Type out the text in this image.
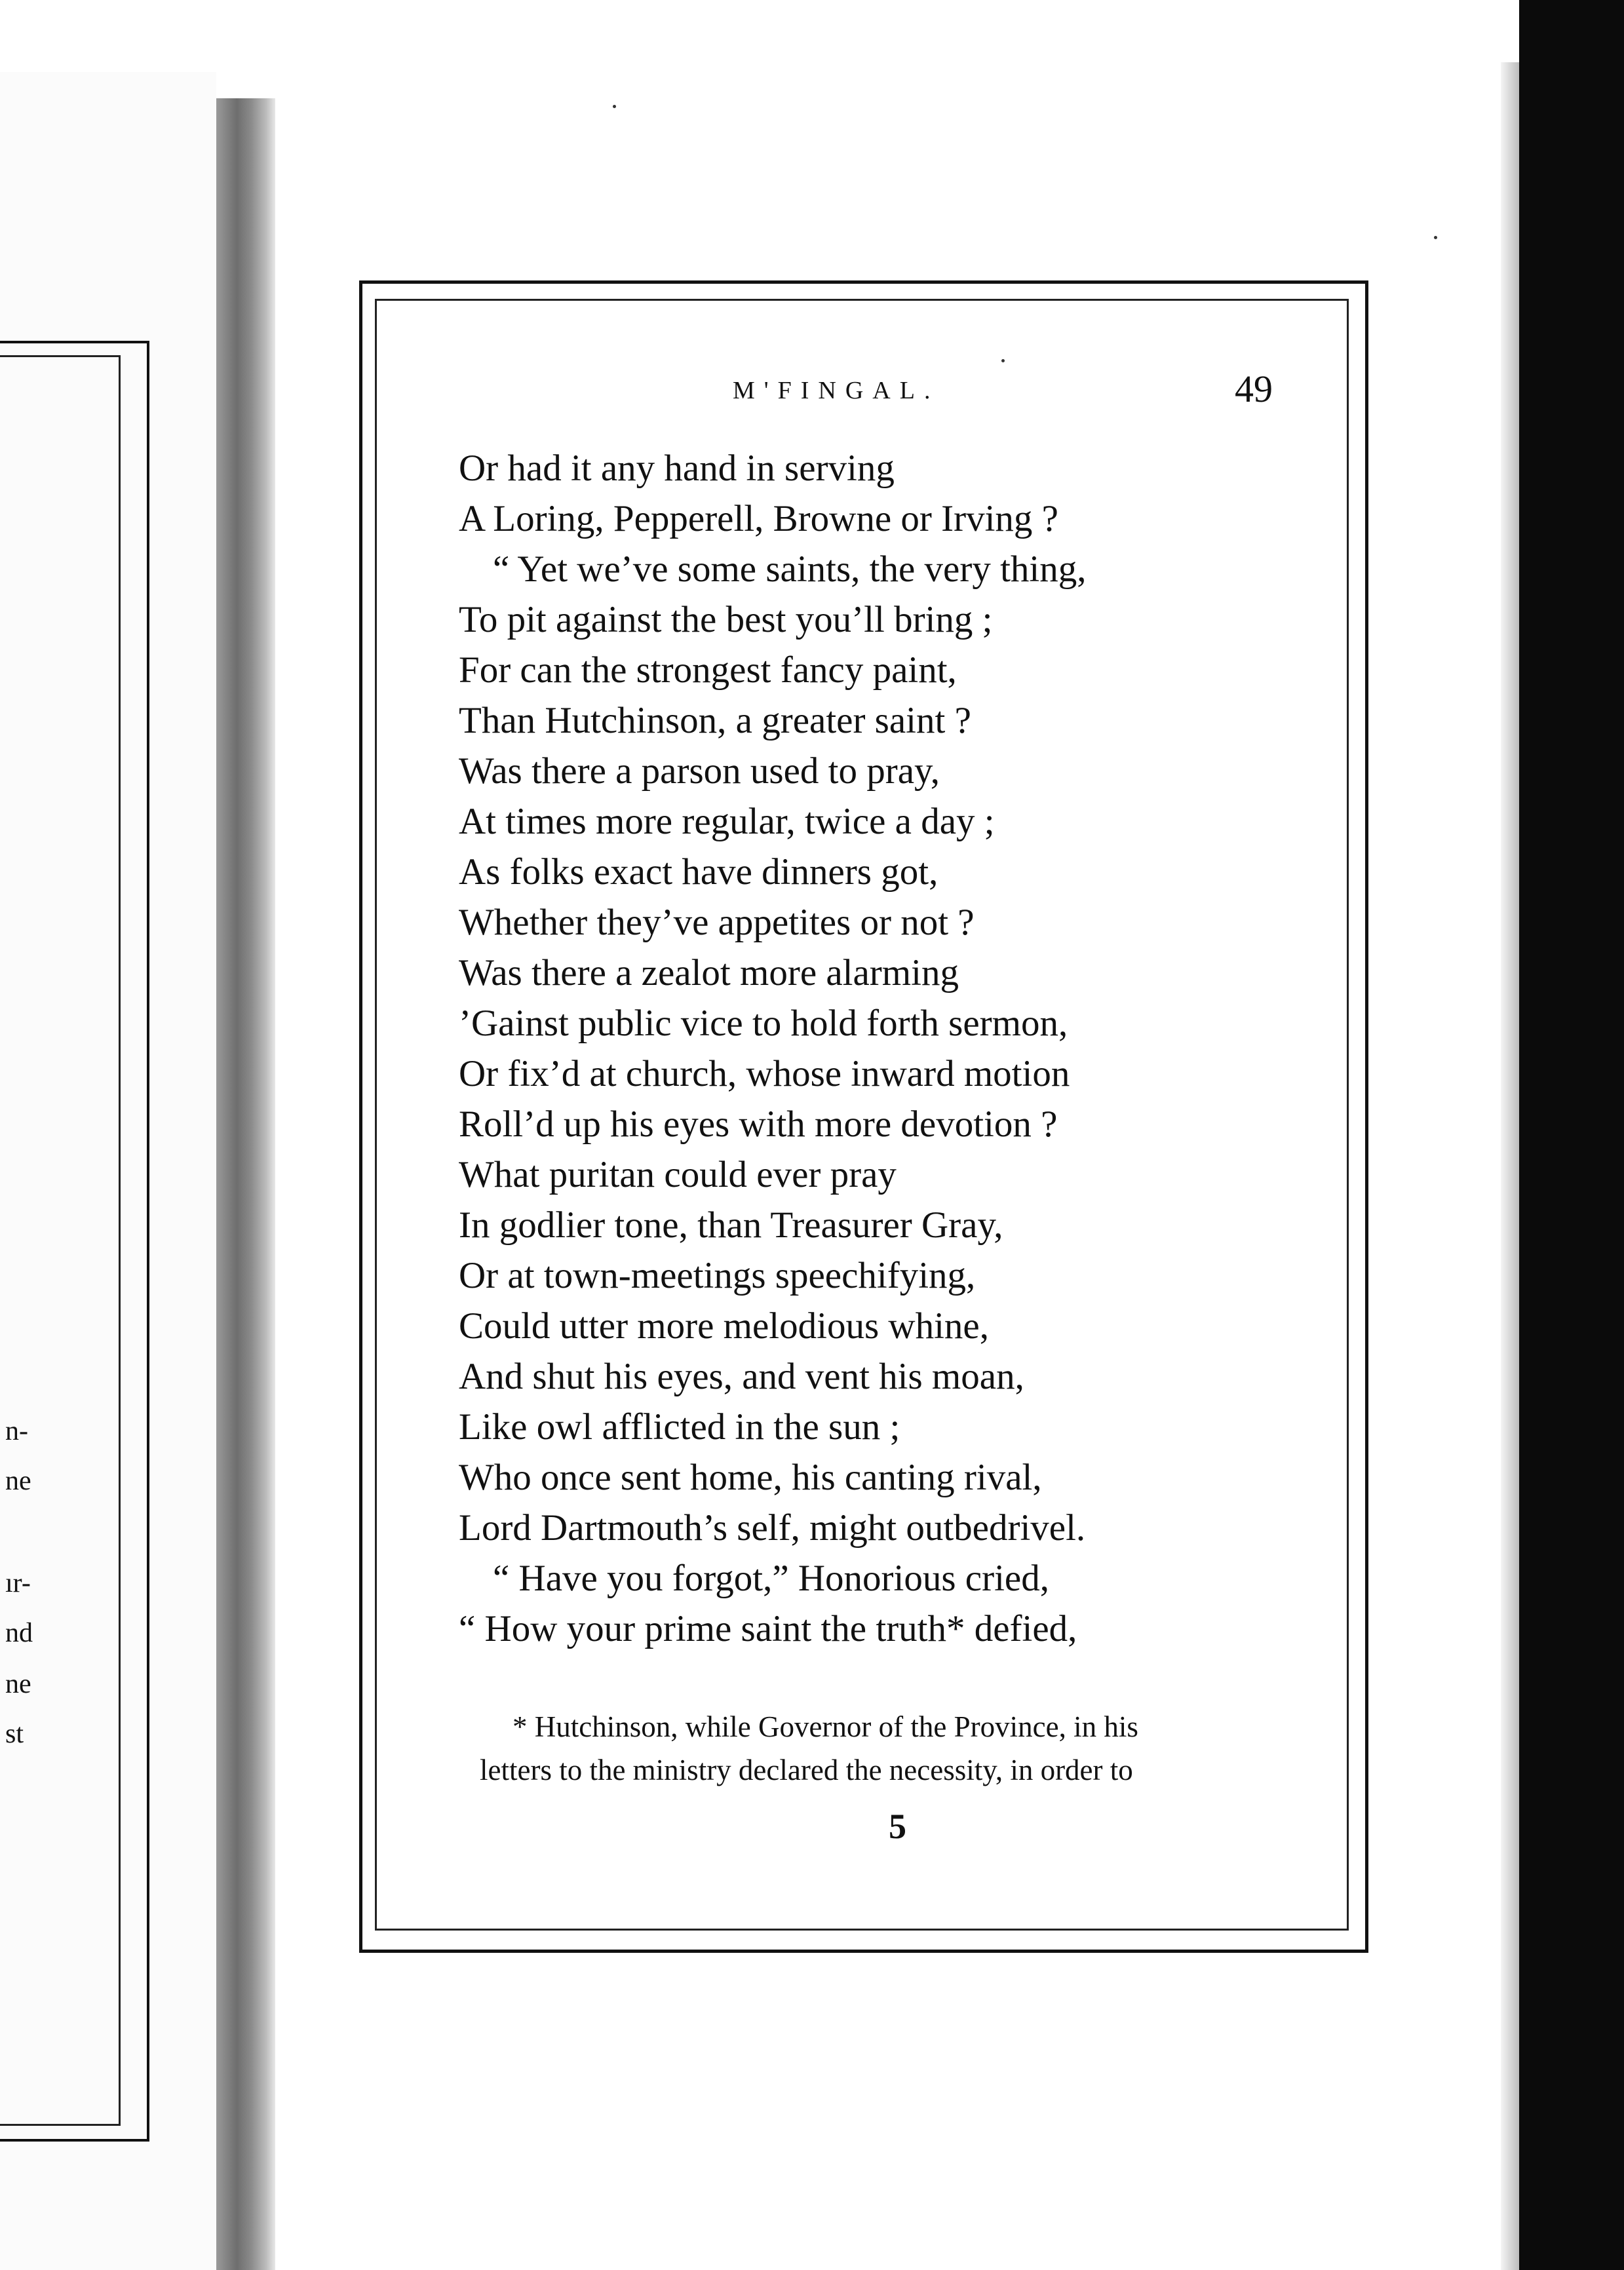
n-
ne
ır-
nd
ne
st
M'FINGAL.	49
Or had it any hand in serving
A Loring, Pepperell, Browne or Irving ?
“ Yet we’ve some saints, the very thing,
To pit against the best you’ll bring ;
For can the strongest fancy paint,
Than Hutchinson, a greater saint ?
Was there a parson used to pray,
At times more regular, twice a day ;
As folks exact have dinners got,
Whether they’ve appetites or not ?
Was there a zealot more alarming
’Gainst public vice to hold forth sermon,
Or fix’d at church, whose inward motion
Roll’d up his eyes with more devotion ?
What puritan could ever pray
In godlier tone, than Treasurer Gray,
Or at town-meetings speechifying,
Could utter more melodious whine,
And shut his eyes, and vent his moan,
Like owl afflicted in the sun ;
Who once sent home, his canting rival,
Lord Dartmouth’s self, might outbedrivel.
“ Have you forgot,” Honorious cried,
“ How your prime saint the truth* defied,
* Hutchinson, while Governor of the Province, in his
letters to the ministry declared the necessity, in order to
5
